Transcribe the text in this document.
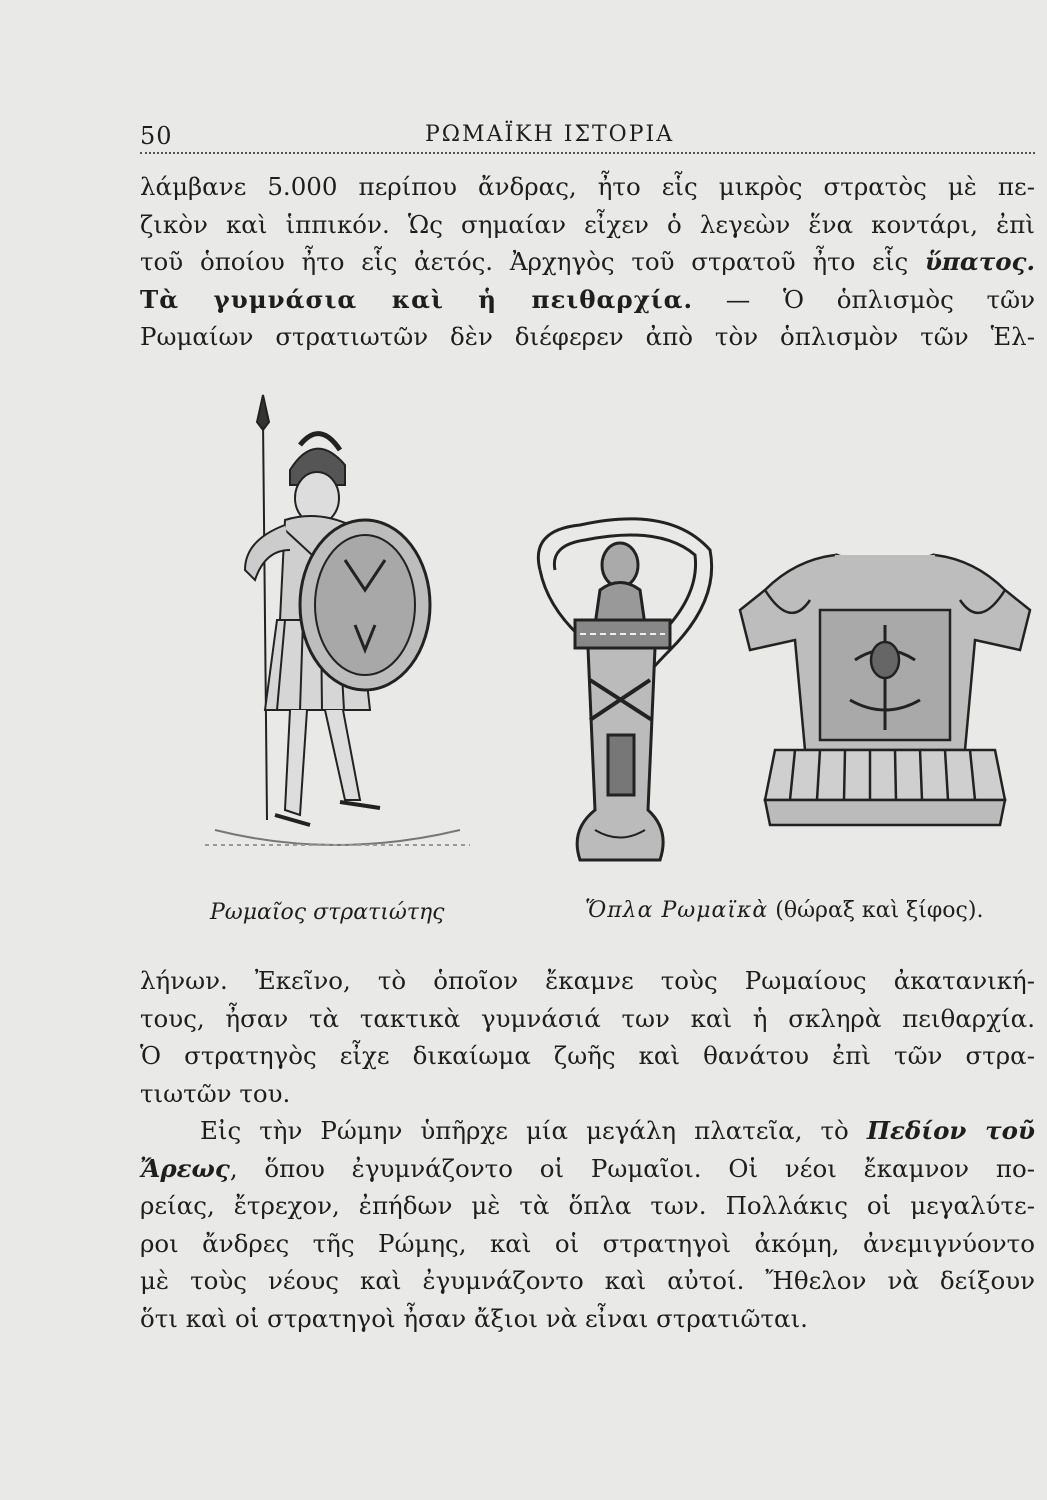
50	ΡΩΜΑΪΚΗ ΙΣΤΟΡΙΑ
λάμβανε 5.000 περίπου ἄνδρας, ἦτο εἷς μικρὸς στρατὸς μὲ πε-
ζικὸν καὶ ἱππικόν. Ὡς σημαίαν εἶχεν ὁ λεγεὼν ἕνα κοντάρι, ἐπὶ
τοῦ ὁποίου ἦτο εἷς ἀετός. Ἀρχηγὸς τοῦ στρατοῦ ἦτο εἷς ὕπατος.
Τὰ γυμνάσια καὶ ἡ πειθαρχία. — Ὁ ὁπλισμὸς τῶν
Ρωμαίων στρατιωτῶν δὲν διέφερεν ἀπὸ τὸν ὁπλισμὸν τῶν Ἑλ-
Ρωμαῖος στρατιώτης	Ὅπλα Ρωμαϊκὰ (θώραξ καὶ ξίφος).
λήνων. Ἐκεῖνο, τὸ ὁποῖον ἔκαμνε τοὺς Ρωμαίους ἀκατανική-
τους, ἦσαν τὰ τακτικὰ γυμνάσιά των καὶ ἡ σκληρὰ πειθαρχία.
Ὁ στρατηγὸς εἶχε δικαίωμα ζωῆς καὶ θανάτου ἐπὶ τῶν στρα-
τιωτῶν του.
Εἰς τὴν Ρώμην ὑπῆρχε μία μεγάλη πλατεῖα, τὸ Πεδίον τοῦ
Ἄρεως, ὅπου ἐγυμνάζοντο οἱ Ρωμαῖοι. Οἱ νέοι ἔκαμνον πο-
ρείας, ἔτρεχον, ἐπήδων μὲ τὰ ὅπλα των. Πολλάκις οἱ μεγαλύτε-
ροι ἄνδρες τῆς Ρώμης, καὶ οἱ στρατηγοὶ ἀκόμη, ἀνεμιγνύοντο
μὲ τοὺς νέους καὶ ἐγυμνάζοντο καὶ αὐτοί. Ἤθελον νὰ δείξουν
ὅτι καὶ οἱ στρατηγοὶ ἦσαν ἄξιοι νὰ εἶναι στρατιῶται.
